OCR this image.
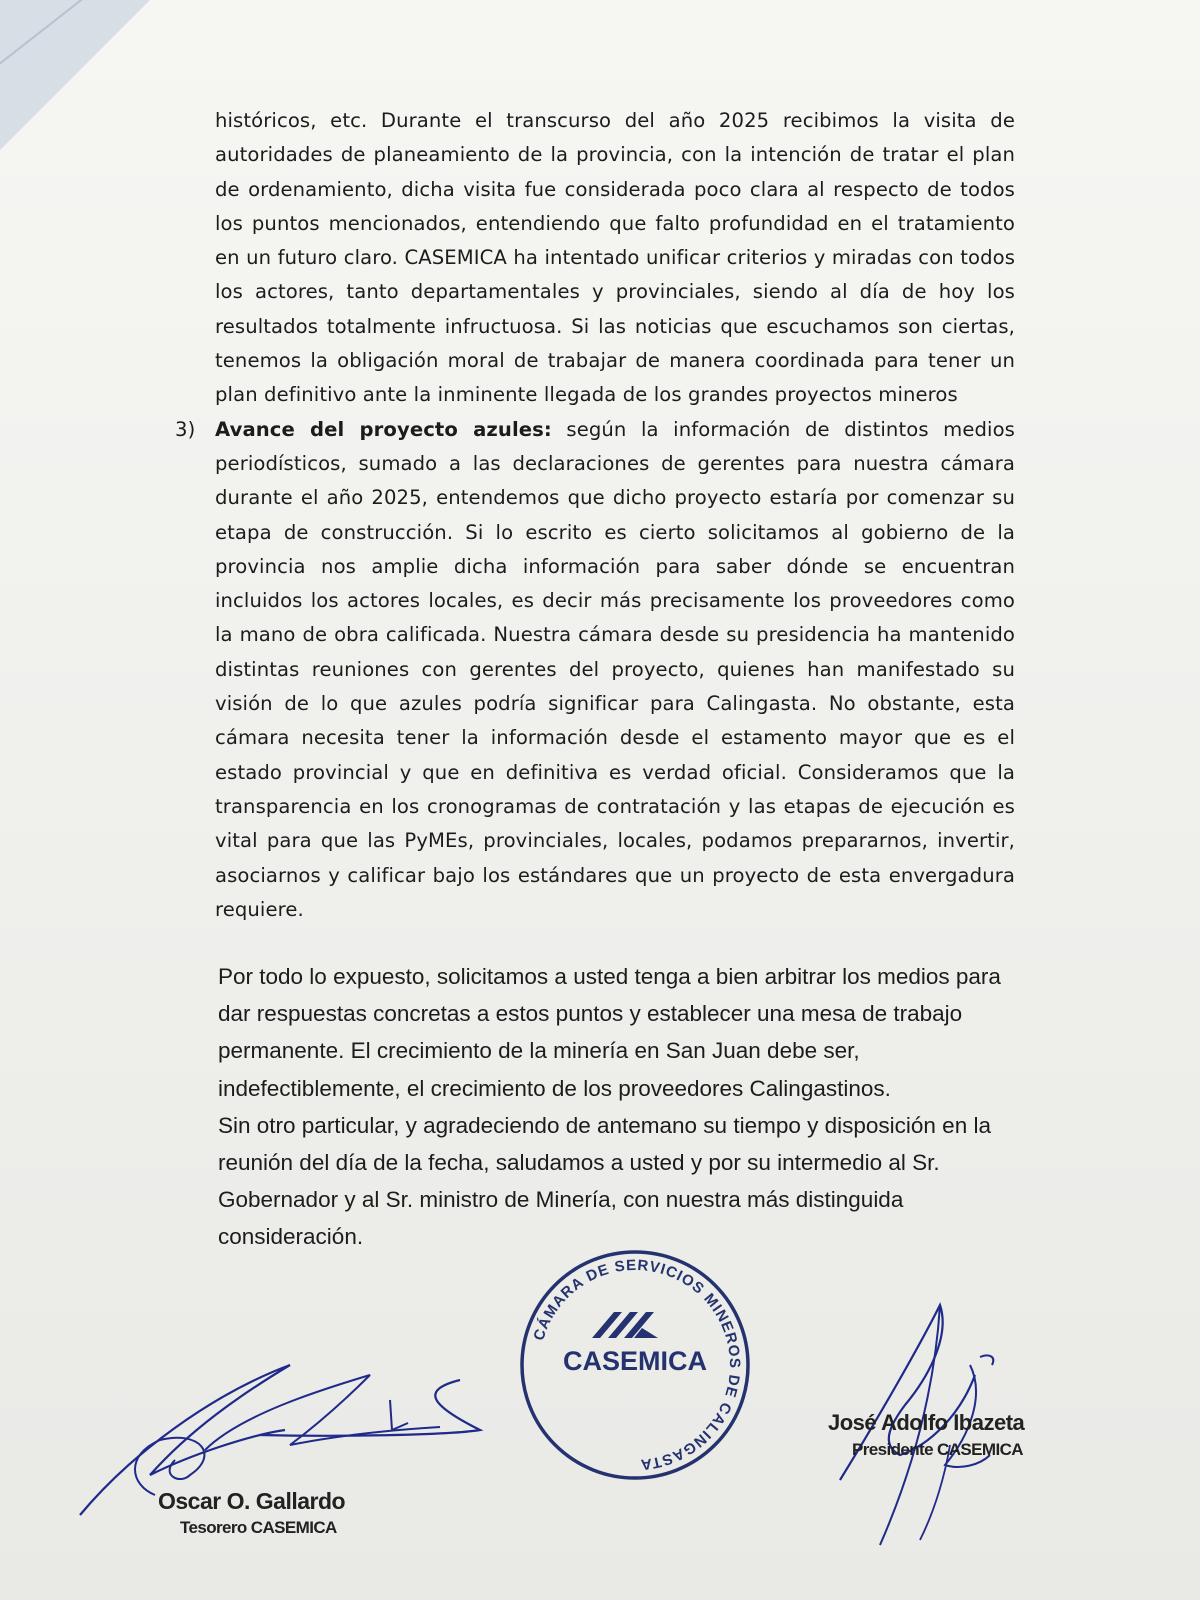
históricos, etc. Durante el transcurso del año 2025 recibimos la visita de autoridades de planeamiento de la provincia, con la intención de tratar el plan de ordenamiento, dicha visita fue considerada poco clara al respecto de todos los puntos mencionados, entendiendo que falto profundidad en el tratamiento en un futuro claro. CASEMICA ha intentado unificar criterios y miradas con todos los actores, tanto departamentales y provinciales, siendo al día de hoy los resultados totalmente infructuosa. Si las noticias que escuchamos son ciertas, tenemos la obligación moral de trabajar de manera coordinada para tener un plan definitivo ante la inminente llegada de los grandes proyectos mineros

3) Avance del proyecto azules: según la información de distintos medios periodísticos, sumado a las declaraciones de gerentes para nuestra cámara durante el año 2025, entendemos que dicho proyecto estaría por comenzar su etapa de construcción. Si lo escrito es cierto solicitamos al gobierno de la provincia nos amplie dicha información para saber dónde se encuentran incluidos los actores locales, es decir más precisamente los proveedores como la mano de obra calificada. Nuestra cámara desde su presidencia ha mantenido distintas reuniones con gerentes del proyecto, quienes han manifestado su visión de lo que azules podría significar para Calingasta. No obstante, esta cámara necesita tener la información desde el estamento mayor que es el estado provincial y que en definitiva es verdad oficial. Consideramos que la transparencia en los cronogramas de contratación y las etapas de ejecución es vital para que las PyMEs, provinciales, locales, podamos prepararnos, invertir, asociarnos y calificar bajo los estándares que un proyecto de esta envergadura requiere.

Por todo lo expuesto, solicitamos a usted tenga a bien arbitrar los medios para dar respuestas concretas a estos puntos y establecer una mesa de trabajo permanente. El crecimiento de la minería en San Juan debe ser, indefectiblemente, el crecimiento de los proveedores Calingastinos.

Sin otro particular, y agradeciendo de antemano su tiempo y disposición en la reunión del día de la fecha, saludamos a usted y por su intermedio al Sr. Gobernador y al Sr. ministro de Minería, con nuestra más distinguida consideración.

CÁMARA DE SERVICIOS MINEROS DE CALINGASTA
CASEMICA
Oscar O. Gallardo
Tesorero CASEMICA
José Adolfo Ibazeta
Presidente CASEMICA
